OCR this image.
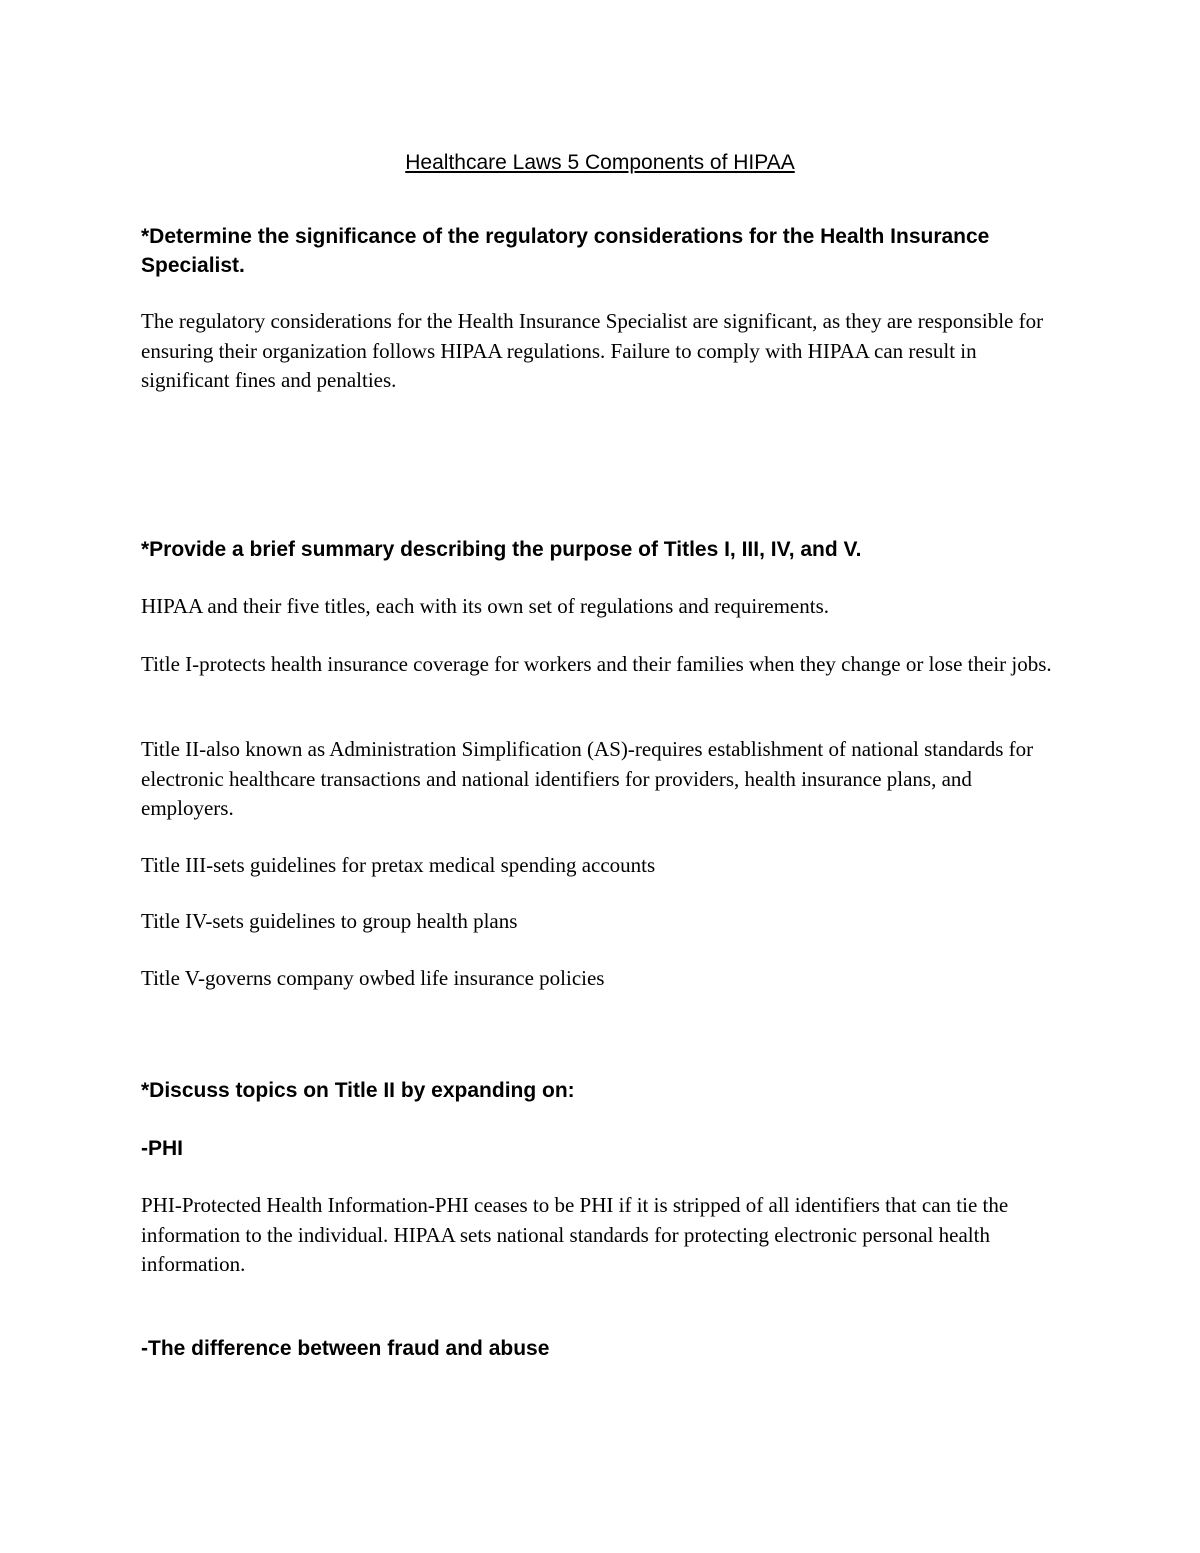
Healthcare Laws 5 Components of HIPAA
*Determine the significance of the regulatory considerations for the Health Insurance Specialist.
The regulatory considerations for the Health Insurance Specialist are significant, as they are responsible for ensuring their organization follows HIPAA regulations. Failure to comply with HIPAA can result in significant fines and penalties.
*Provide a brief summary describing the purpose of Titles I, III, IV, and V.
HIPAA and their five titles, each with its own set of regulations and requirements.
Title I-protects health insurance coverage for workers and their families when they change or lose their jobs.
Title II-also known as Administration Simplification (AS)-requires establishment of national standards for electronic healthcare transactions and national identifiers for providers, health insurance plans, and employers.
Title III-sets guidelines for pretax medical spending accounts
Title IV-sets guidelines to group health plans
Title V-governs company owbed life insurance policies
*Discuss topics on Title II by expanding on:
-PHI
PHI-Protected Health Information-PHI ceases to be PHI if it is stripped of all identifiers that can tie the information to the individual. HIPAA sets national standards for protecting electronic personal health information.
-The difference between fraud and abuse
